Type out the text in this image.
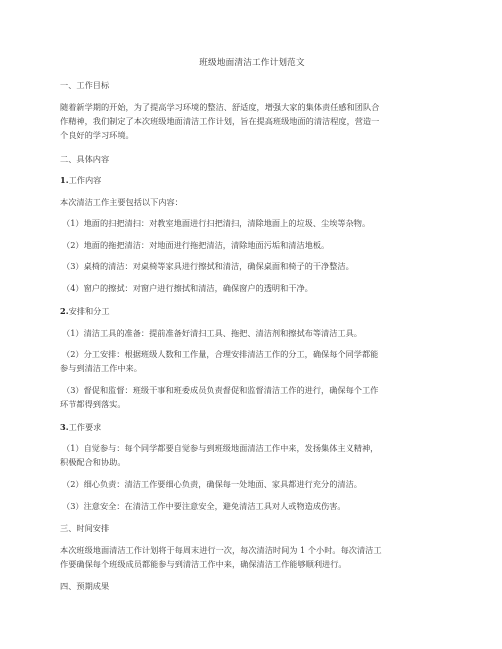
班级地面清洁工作计划范文
一、工作目标
随着新学期的开始，为了提高学习环境的整洁、舒适度，增强大家的集体责任感和团队合
作精神，我们制定了本次班级地面清洁工作计划，旨在提高班级地面的清洁程度，营造一
个良好的学习环境。
二、具体内容
1.工作内容
本次清洁工作主要包括以下内容：
（1）地面的扫把清扫：对教室地面进行扫把清扫，清除地面上的垃圾、尘埃等杂物。
（2）地面的拖把清洁：对地面进行拖把清洁，清除地面污垢和清洁地板。
（3）桌椅的清洁：对桌椅等家具进行擦拭和清洁，确保桌面和椅子的干净整洁。
（4）窗户的擦拭：对窗户进行擦拭和清洁，确保窗户的透明和干净。
2.安排和分工
（1）清洁工具的准备：提前准备好清扫工具、拖把、清洁剂和擦拭布等清洁工具。
（2）分工安排：根据班级人数和工作量，合理安排清洁工作的分工，确保每个同学都能
参与到清洁工作中来。
（3）督促和监督：班级干事和班委成员负责督促和监督清洁工作的进行，确保每个工作
环节都得到落实。
3.工作要求
（1）自觉参与：每个同学都要自觉参与到班级地面清洁工作中来，发扬集体主义精神，
积极配合和协助。
（2）细心负责：清洁工作要细心负责，确保每一处地面、家具都进行充分的清洁。
（3）注意安全：在清洁工作中要注意安全，避免清洁工具对人或物造成伤害。
三、时间安排
本次班级地面清洁工作计划将于每周末进行一次，每次清洁时间为 1 个小时。每次清洁工
作要确保每个班级成员都能参与到清洁工作中来，确保清洁工作能够顺利进行。
四、预期成果
